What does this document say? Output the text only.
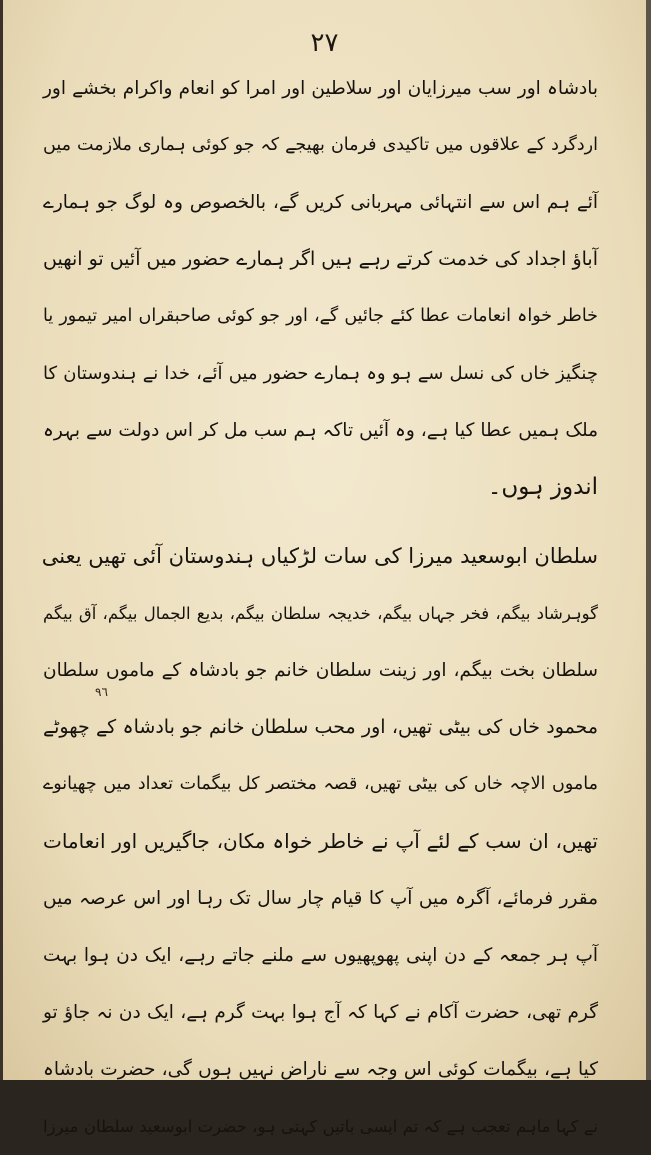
٢٧
٩٦
بادشاہ اور سب میرزایان اور سلاطین اور امرا کو انعام واکرام بخشے اور
اردگرد کے علاقوں میں تاکیدی فرمان بھیجے کہ جو کوئی ہماری ملازمت میں
آئے ہم اس سے انتہائی مہربانی کریں گے، بالخصوص وہ لوگ جو ہمارے
آباؤ اجداد کی خدمت کرتے رہے ہیں اگر ہمارے حضور میں آئیں تو انھیں
خاطر خواہ انعامات عطا کئے جائیں گے، اور جو کوئی صاحبقراں امیر تیمور یا
چنگیز خاں کی نسل سے ہو وہ ہمارے حضور میں آئے، خدا نے ہندوستان کا
ملک ہمیں عطا کیا ہے، وہ آئیں تاکہ ہم سب مل کر اس دولت سے بہرہ
اندوز ہوں۔
سلطان ابوسعید میرزا کی سات لڑکیاں ہندوستان آئی تھیں یعنی
گوہرشاد بیگم، فخر جہاں بیگم، خدیجہ سلطان بیگم، بدیع الجمال بیگم، آق بیگم
سلطان بخت بیگم، اور زینت سلطان خانم جو بادشاہ کے ماموں سلطان
محمود خاں کی بیٹی تھیں، اور محب سلطان خانم جو بادشاہ کے چھوٹے
ماموں الاچہ خاں کی بیٹی تھیں، قصہ مختصر کل بیگمات تعداد میں چھیانوے
تھیں، ان سب کے لئے آپ نے خاطر خواہ مکان، جاگیریں اور انعامات
مقرر فرمائے، آگرہ میں آپ کا قیام چار سال تک رہا اور اس عرصہ میں
آپ ہر جمعہ کے دن اپنی پھوپھیوں سے ملنے جاتے رہے، ایک دن ہوا بہت
گرم تھی، حضرت آکام نے کہا کہ آج ہوا بہت گرم ہے، ایک دن نہ جاؤ تو
کیا ہے، بیگمات کوئی اس وجہ سے ناراض نہیں ہوں گی، حضرت بادشاہ
نے کہا ماہم تعجب ہے کہ تم ایسی باتیں کہتی ہو، حضرت ابوسعید سلطان میرزا
